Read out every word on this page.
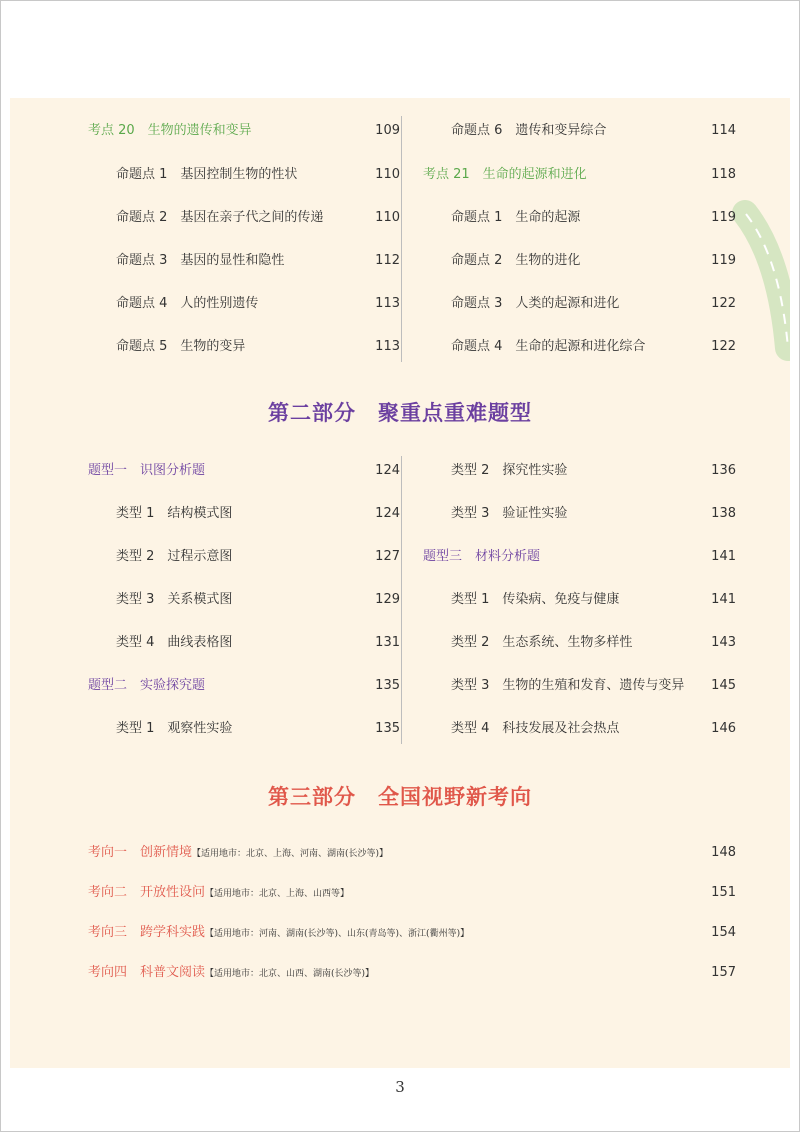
考点 20　生物的遗传和变异	109
命题点 1　基因控制生物的性状	110
命题点 2　基因在亲子代之间的传递	110
命题点 3　基因的显性和隐性	112
命题点 4　人的性别遗传	113
命题点 5　生物的变异	113
命题点 6　遗传和变异综合	114
考点 21　生命的起源和进化	118
命题点 1　生命的起源	119
命题点 2　生物的进化	119
命题点 3　人类的起源和进化	122
命题点 4　生命的起源和进化综合	122
第二部分　聚重点重难题型
题型一　识图分析题	124
类型 1　结构模式图	124
类型 2　过程示意图	127
类型 3　关系模式图	129
类型 4　曲线表格图	131
题型二　实验探究题	135
类型 1　观察性实验	135
类型 2　探究性实验	136
类型 3　验证性实验	138
题型三　材料分析题	141
类型 1　传染病、免疫与健康	141
类型 2　生态系统、生物多样性	143
类型 3　生物的生殖和发育、遗传与变异 145
类型 4　科技发展及社会热点	146
第三部分　全国视野新考向
考向一　创新情境【适用地市：北京、上海、河南、湖南(长沙等)】	148
考向二　开放性设问【适用地市：北京、上海、山西等】	151
考向三　跨学科实践【适用地市：河南、湖南(长沙等)、山东(青岛等)、浙江(衢州等)】	154
考向四　科普文阅读【适用地市：北京、山西、湖南(长沙等)】	157
3
